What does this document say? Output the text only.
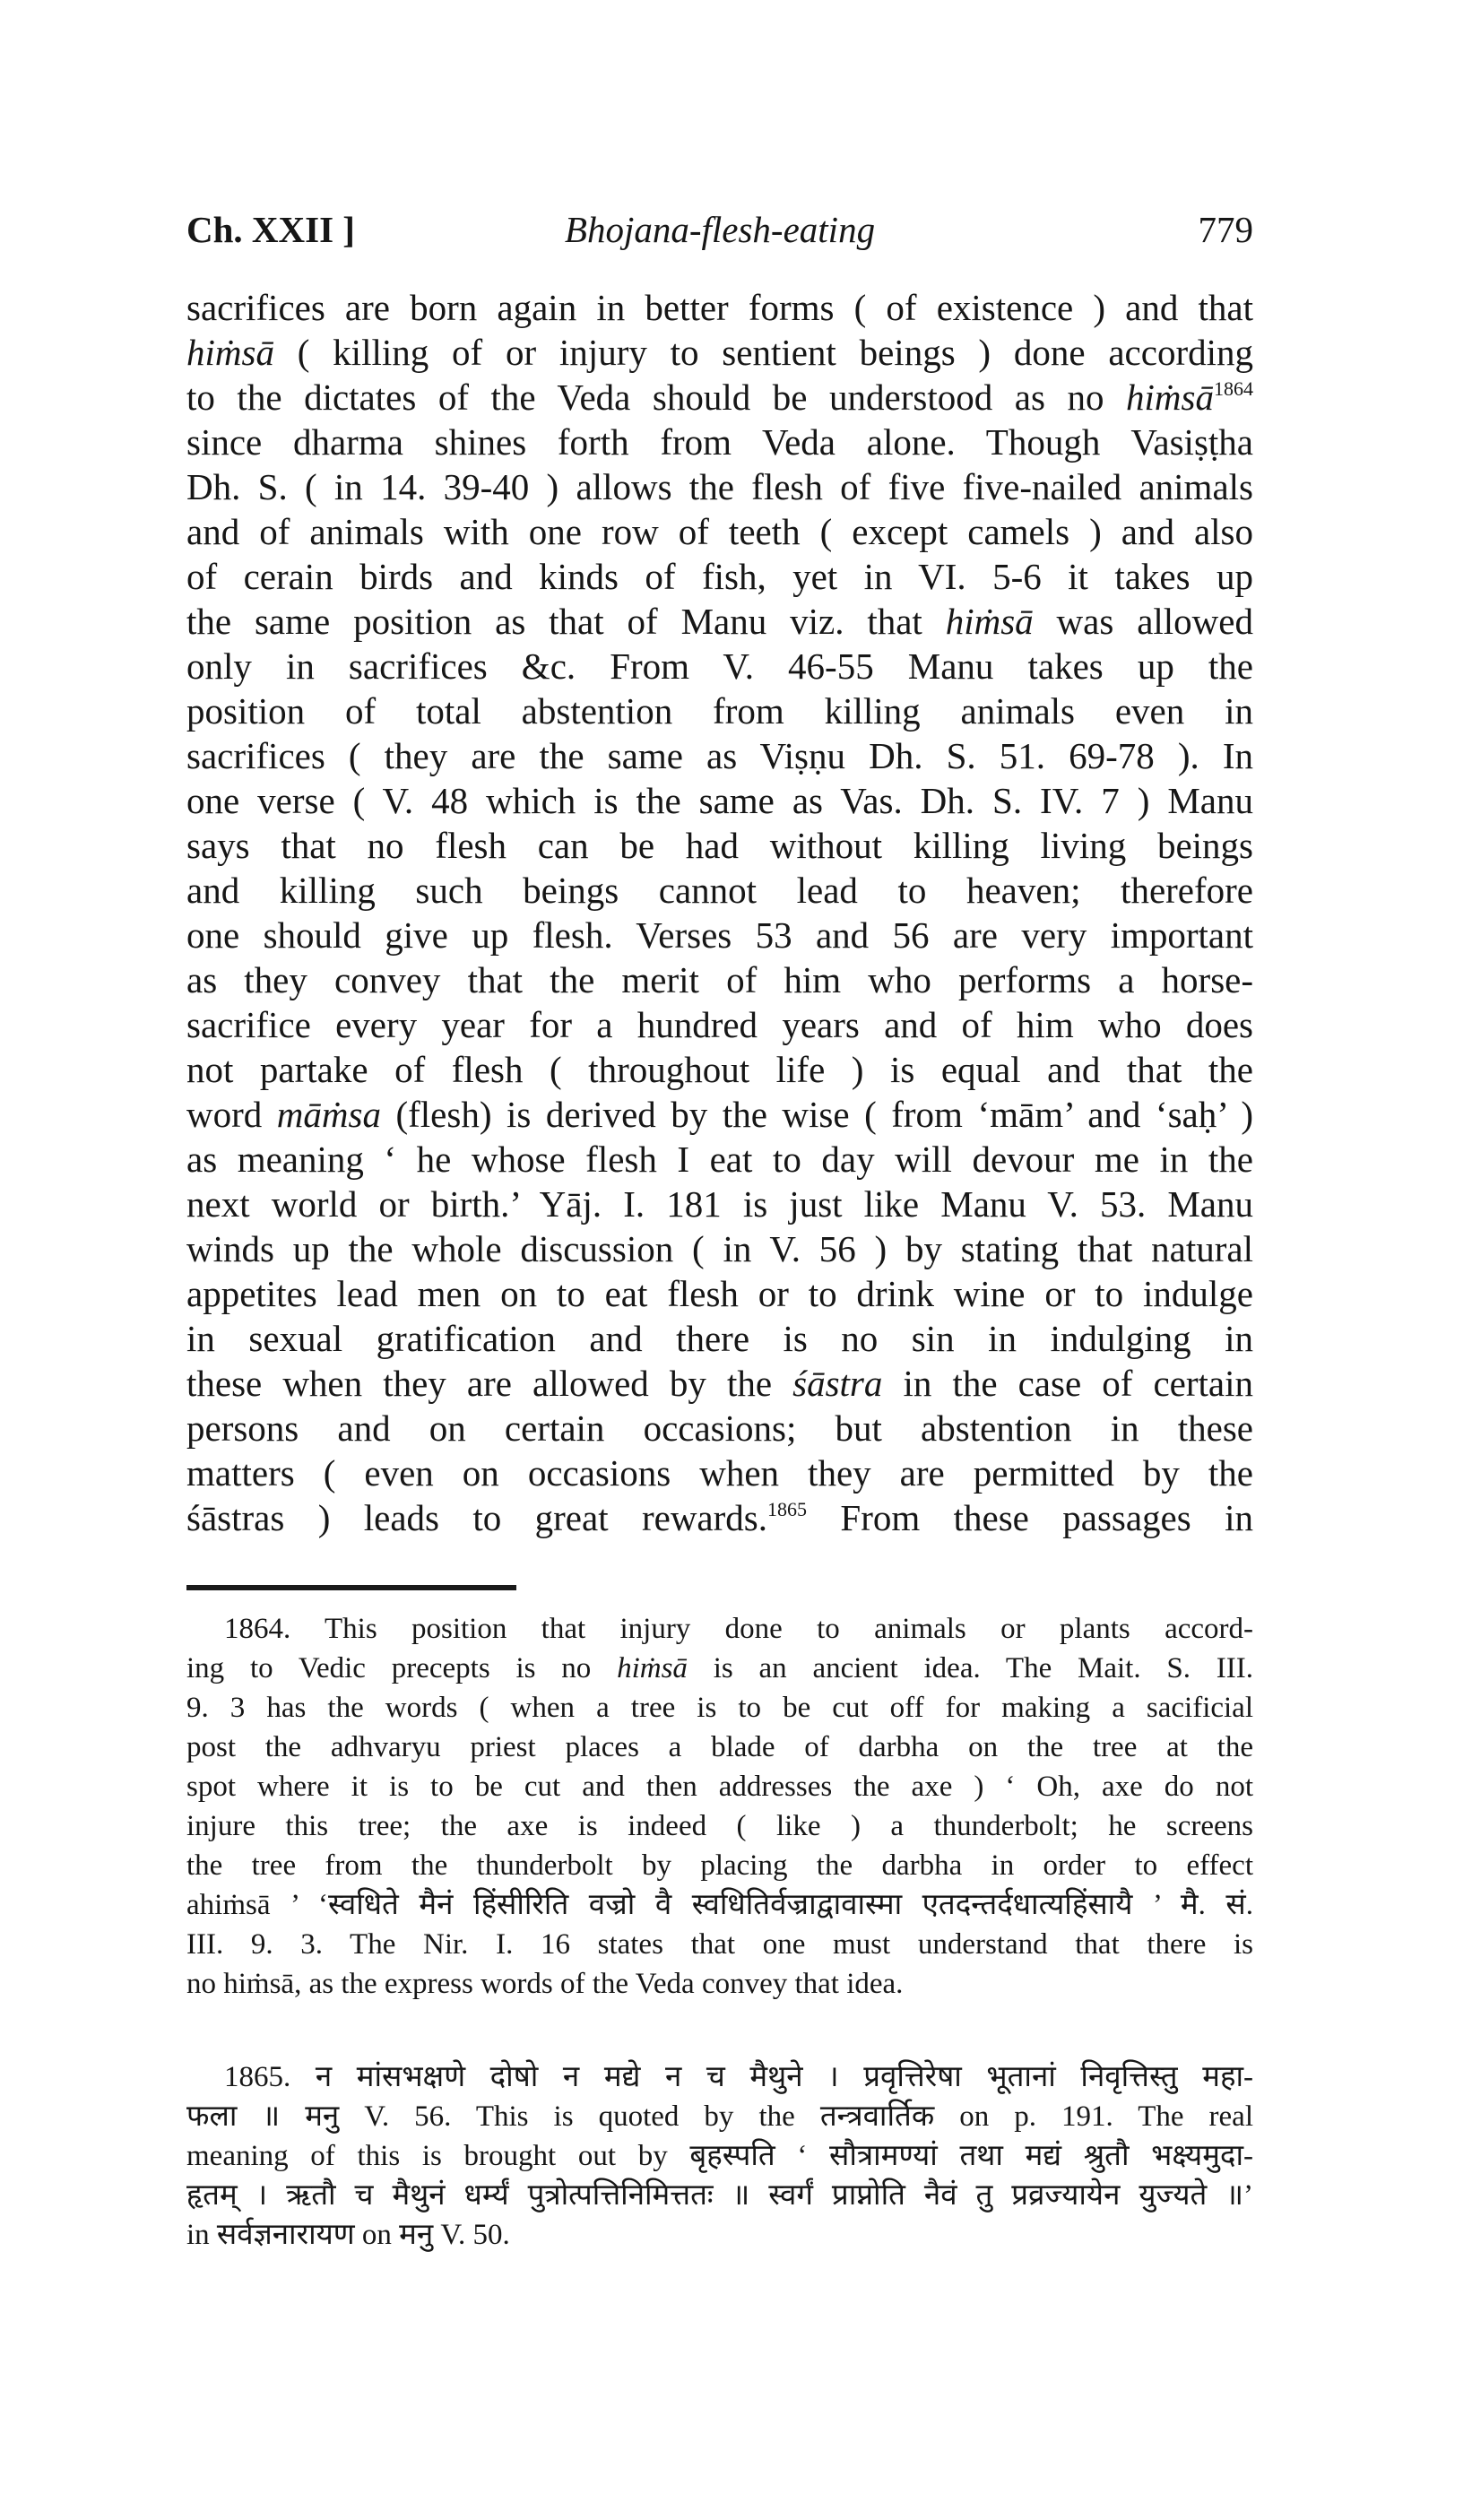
Ch. XXII ]	Bhojana-flesh-eating	779
sacrifices are born again in better forms ( of existence ) and that
hiṁsā ( killing of or injury to sentient beings ) done according
to the dictates of the Veda should be understood as no hiṁsā$^{1864}$
since dharma shines forth from Veda alone. Though Vasiṣṭha
Dh. S. ( in 14. 39-40 ) allows the flesh of five five-nailed animals
and of animals with one row of teeth ( except camels ) and also
of cerain birds and kinds of fish, yet in VI. 5-6 it takes up
the same position as that of Manu viz. that hiṁsā was allowed
only in sacrifices &c. From V. 46-55 Manu takes up the
position of total abstention from killing animals even in
sacrifices ( they are the same as Viṣṇu Dh. S. 51. 69-78 ). In
one verse ( V. 48 which is the same as Vas. Dh. S. IV. 7 ) Manu
says that no flesh can be had without killing living beings
and killing such beings cannot lead to heaven; therefore
one should give up flesh. Verses 53 and 56 are very important
as they convey that the merit of him who performs a horse-
sacrifice every year for a hundred years and of him who does
not partake of flesh ( throughout life ) is equal and that the
word māṁsa (flesh) is derived by the wise ( from ‘mām’ and ‘saḥ’ )
as meaning ‘ he whose flesh I eat to day will devour me in the
next world or birth.’ Yāj. I. 181 is just like Manu V. 53. Manu
winds up the whole discussion ( in V. 56 ) by stating that natural
appetites lead men on to eat flesh or to drink wine or to indulge
in sexual gratification and there is no sin in indulging in
these when they are allowed by the śāstra in the case of certain
persons and on certain occasions; but abstention in these
matters ( even on occasions when they are permitted by the
śāstras ) leads to great rewards.$^{1865}$ From these passages in
1864. This position that injury done to animals or plants accord-
ing to Vedic precepts is no hiṁsā is an ancient idea. The Mait. S. III.
9. 3 has the words ( when a tree is to be cut off for making a sacificial
post the adhvaryu priest places a blade of darbha on the tree at the
spot where it is to be cut and then addresses the axe ) ‘ Oh, axe do not
injure this tree; the axe is indeed ( like ) a thunderbolt; he screens
the tree from the thunderbolt by placing the darbha in order to effect
ahiṁsā ’ ‘स्वधिते मैनं हिंसीरिति वज्रो वै स्वधितिर्वज्राद्वावास्मा एतदन्तर्दधात्यहिंसायै ’ मै. सं.
III. 9. 3. The Nir. I. 16 states that one must understand that there is
no hiṁsā, as the express words of the Veda convey that idea.
1865. न मांसभक्षणे दोषो न मद्ये न च मैथुने । प्रवृत्तिरेषा भूतानां निवृत्तिस्तु महा-
फला ॥ मनु V. 56. This is quoted by the तन्त्रवार्तिक on p. 191. The real
meaning of this is brought out by बृहस्पति ‘ सौत्रामण्यां तथा मद्यं श्रुतौ भक्ष्यमुदा-
हृतम् । ऋतौ च मैथुनं धर्म्यं पुत्रोत्पत्तिनिमित्ततः ॥ स्वर्गं प्राप्नोति नैवं तु प्रव्रज्यायेन युज्यते ॥’
in सर्वज्ञनारायण on मनु V. 50.
